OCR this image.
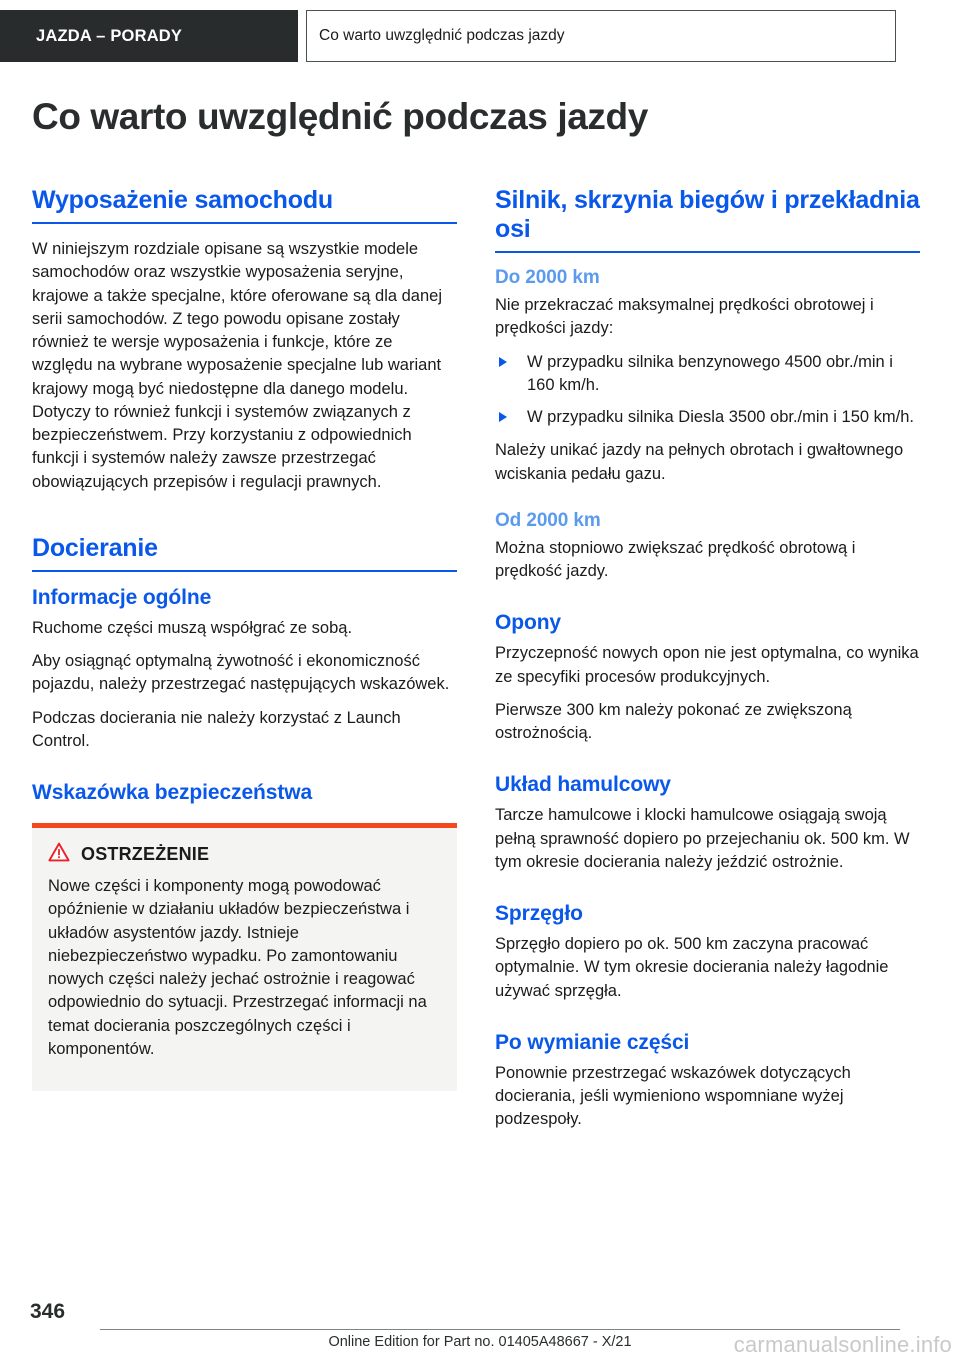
JAZDA – PORADY	Co warto uwzględnić podczas jazdy
Co warto uwzględnić podczas jazdy
Wyposażenie samochodu

W niniejszym rozdziale opisane są wszystkie modele samochodów oraz wszystkie wyposażenia seryjne, krajowe a także specjalne, które oferowane są dla danej serii samochodów. Z tego powodu opisane zostały również te wersje wyposażenia i funkcje, które ze względu na wybrane wyposażenie specjalne lub wariant krajowy mogą być niedostępne dla danego modelu. Dotyczy to również funkcji i systemów związanych z bezpieczeństwem. Przy korzystaniu z odpowiednich funkcji i systemów należy zawsze przestrzegać obowiązujących przepisów i regulacji prawnych.

Docieranie
Informacje ogólne

Ruchome części muszą współgrać ze sobą.

Aby osiągnąć optymalną żywotność i ekonomiczność pojazdu, należy przestrzegać następujących wskazówek.

Podczas docierania nie należy korzystać z Launch Control.

Wskazówka bezpieczeństwa
OSTRZEŻENIE
Nowe części i komponenty mogą powodować opóźnienie w działaniu układów bezpieczeństwa i układów asystentów jazdy. Istnieje niebezpieczeństwo wypadku. Po zamontowaniu nowych części należy jechać ostrożnie i reagować odpowiednio do sytuacji. Przestrzegać informacji na temat docierania poszczególnych części i komponentów.
Silnik, skrzynia biegów i przekładnia osi
Do 2000 km

Nie przekraczać maksymalnej prędkości obrotowej i prędkości jazdy:

W przypadku silnika benzynowego 4500 obr./min i 160 km/h.
W przypadku silnika Diesla 3500 obr./min i 150 km/h.

Należy unikać jazdy na pełnych obrotach i gwałtownego wciskania pedału gazu.

Od 2000 km

Można stopniowo zwiększać prędkość obrotową i prędkość jazdy.

Opony

Przyczepność nowych opon nie jest optymalna, co wynika ze specyfiki procesów produkcyjnych.

Pierwsze 300 km należy pokonać ze zwiększoną ostrożnością.

Układ hamulcowy

Tarcze hamulcowe i klocki hamulcowe osiągają swoją pełną sprawność dopiero po przejechaniu ok. 500 km. W tym okresie docierania należy jeździć ostrożnie.

Sprzęgło

Sprzęgło dopiero po ok. 500 km zaczyna pracować optymalnie. W tym okresie docierania należy łagodnie używać sprzęgła.

Po wymianie części

Ponownie przestrzegać wskazówek dotyczących docierania, jeśli wymieniono wspomniane wyżej podzespoły.

346
Online Edition for Part no. 01405A48667 - X/21	carmanualsonline.info
